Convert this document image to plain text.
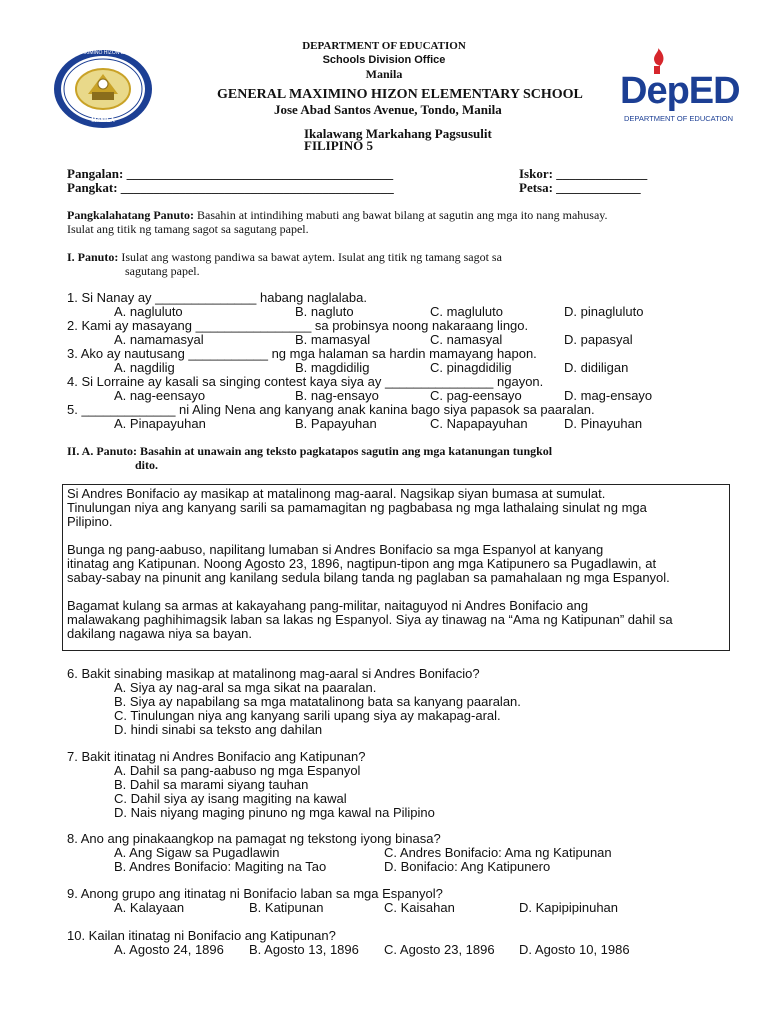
GENERAL MAXIMINO HIZON ELEMENTARY SCHOOL
MANILA
DepED
DEPARTMENT OF EDUCATION
DEPARTMENT OF EDUCATION
Schools Division Office
Manila
GENERAL MAXIMINO HIZON ELEMENTARY SCHOOL
Jose Abad Santos Avenue, Tondo, Manila
Ikalawang Markahang Pagsusulit
FILIPINO 5
Pangalan: _________________________________________
Pangkat: __________________________________________
Iskor: ______________
Petsa: _____________
Pangkalahatang Panuto: Basahin at intindihing mabuti ang bawat bilang at sagutin ang mga ito nang mahusay.
Isulat ang titik ng tamang sagot sa sagutang papel.
I. Panuto: Isulat ang wastong pandiwa sa bawat aytem. Isulat ang titik ng tamang sagot sa
sagutang papel.
1. Si Nanay ay ______________ habang naglalaba.
A. nagluluto	B. nagluto	C. magluluto	D. pinagluluto
2. Kami ay masayang ________________ sa probinsya noong nakaraang lingo.
A. namamasyal	B. mamasyal	C. namasyal	D. papasyal
3. Ako ay nautusang ___________ ng mga halaman sa hardin mamayang hapon.
A. nagdilig	B. magdidilig	C. pinagdidilig	D. didiligan
4. Si Lorraine ay kasali sa singing contest kaya siya ay _______________ ngayon.
A. nag-eensayo	B. nag-ensayo	C. pag-eensayo	D. mag-ensayo
5. _____________ ni Aling Nena ang kanyang anak kanina bago siya papasok sa paaralan.
A. Pinapayuhan	B. Papayuhan	C. Napapayuhan	D. Pinayuhan
II. A. Panuto: Basahin at unawain ang teksto pagkatapos sagutin ang mga katanungan tungkol
dito.
Si Andres Bonifacio ay masikap at matalinong mag-aaral. Nagsikap siyan bumasa at sumulat.
Tinulungan niya ang kanyang sarili sa pamamagitan ng pagbabasa ng mga lathalaing sinulat ng mga
Pilipino.
Bunga ng pang-aabuso, napilitang lumaban si Andres Bonifacio sa mga Espanyol at kanyang
itinatag ang Katipunan. Noong Agosto 23, 1896, nagtipun-tipon ang mga Katipunero sa Pugadlawin, at
sabay-sabay na pinunit ang kanilang sedula bilang tanda ng paglaban sa pamahalaan ng mga Espanyol.
Bagamat kulang sa armas at kakayahang pang-militar, naitaguyod ni Andres Bonifacio ang
malawakang paghihimagsik laban sa lakas ng Espanyol. Siya ay tinawag na “Ama ng Katipunan” dahil sa
dakilang nagawa niya sa bayan.
6. Bakit sinabing masikap at matalinong mag-aaral si Andres Bonifacio?
A. Siya ay nag-aral sa mga sikat na paaralan.
B. Siya ay napabilang sa mga matatalinong bata sa kanyang paaralan.
C. Tinulungan niya ang kanyang sarili upang siya ay makapag-aral.
D. hindi sinabi sa teksto ang dahilan
7. Bakit itinatag ni Andres Bonifacio ang Katipunan?
A. Dahil sa pang-aabuso ng mga Espanyol
B. Dahil sa marami siyang tauhan
C. Dahil siya ay isang magiting na kawal
D. Nais niyang maging pinuno ng mga kawal na Pilipino
8. Ano ang pinakaangkop na pamagat ng tekstong iyong binasa?
A. Ang Sigaw sa Pugadlawin	C. Andres Bonifacio: Ama ng Katipunan
B. Andres Bonifacio: Magiting na Tao	D. Bonifacio: Ang Katipunero
9. Anong grupo ang itinatag ni Bonifacio laban sa mga Espanyol?
A. Kalayaan	B. Katipunan	C. Kaisahan	D. Kapipipinuhan
10. Kailan itinatag ni Bonifacio ang Katipunan?
A. Agosto 24, 1896 B. Agosto 13, 1896 C. Agosto 23, 1896 D. Agosto 10, 1986
